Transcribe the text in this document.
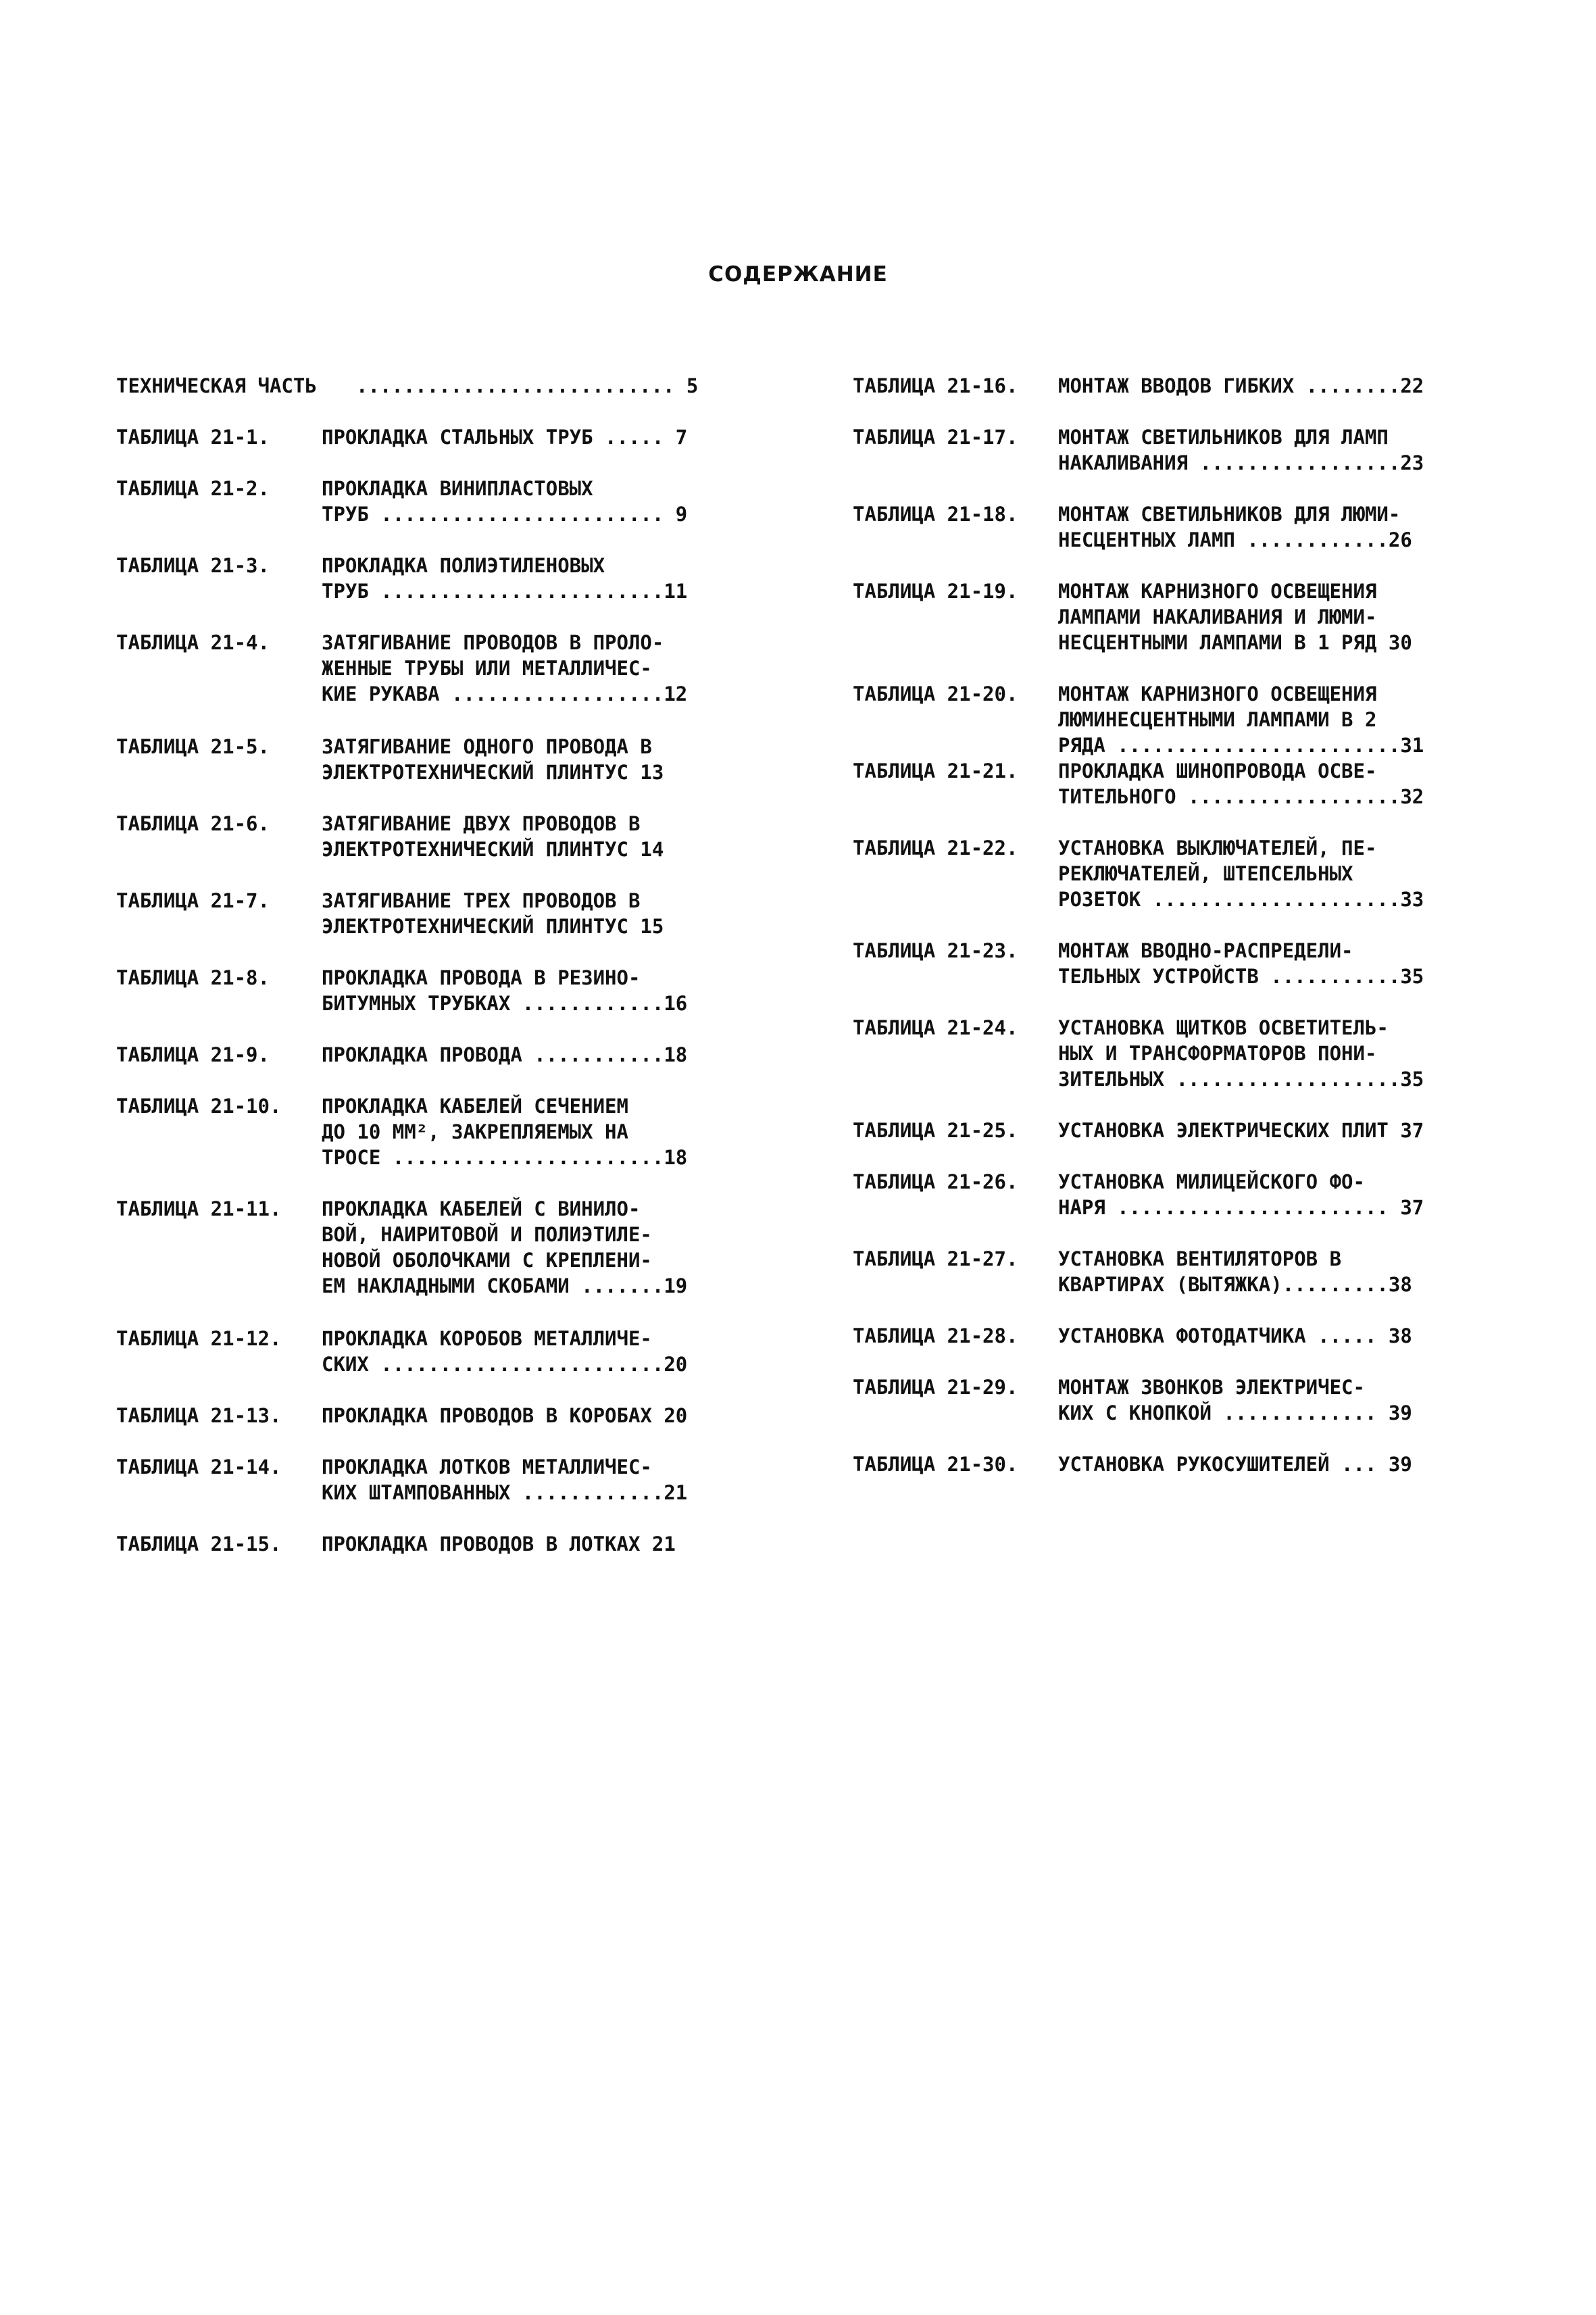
СОДЕРЖАНИЕ
ТЕХНИЧЕСКАЯ ЧАСТЬ ........................... 5
ТАБЛИЦА 21-1.	ПРОКЛАДКА СТАЛЬНЫХ ТРУБ ..... 7
ТАБЛИЦА 21-2.	ПРОКЛАДКА ВИНИПЛАСТОВЫХ
ТРУБ ........................ 9
ТАБЛИЦА 21-3.	ПРОКЛАДКА ПОЛИЭТИЛЕНОВЫХ
ТРУБ ........................11
ТАБЛИЦА 21-4.	ЗАТЯГИВАНИЕ ПРОВОДОВ В ПРОЛО-
ЖЕННЫЕ ТРУБЫ ИЛИ МЕТАЛЛИЧЕС-
КИЕ РУКАВА ..................12
ТАБЛИЦА 21-5.	ЗАТЯГИВАНИЕ ОДНОГО ПРОВОДА В
ЭЛЕКТРОТЕХНИЧЕСКИЙ ПЛИНТУС 13
ТАБЛИЦА 21-6.	ЗАТЯГИВАНИЕ ДВУХ ПРОВОДОВ В
ЭЛЕКТРОТЕХНИЧЕСКИЙ ПЛИНТУС 14
ТАБЛИЦА 21-7.	ЗАТЯГИВАНИЕ ТРЕХ ПРОВОДОВ В
ЭЛЕКТРОТЕХНИЧЕСКИЙ ПЛИНТУС 15
ТАБЛИЦА 21-8.	ПРОКЛАДКА ПРОВОДА В РЕЗИНО-
БИТУМНЫХ ТРУБКАХ ............16
ТАБЛИЦА 21-9.	ПРОКЛАДКА ПРОВОДА ...........18
ТАБЛИЦА 21-10. ПРОКЛАДКА КАБЕЛЕЙ СЕЧЕНИЕМ
ДО 10 ММ², ЗАКРЕПЛЯЕМЫХ НА
ТРОСЕ .......................18
ТАБЛИЦА 21-11. ПРОКЛАДКА КАБЕЛЕЙ С ВИНИЛО-
ВОЙ, НАИРИТОВОЙ И ПОЛИЭТИЛЕ-
НОВОЙ ОБОЛОЧКАМИ С КРЕПЛЕНИ-
ЕМ НАКЛАДНЫМИ СКОБАМИ .......19
ТАБЛИЦА 21-12. ПРОКЛАДКА КОРОБОВ МЕТАЛЛИЧЕ-
СКИХ ........................20
ТАБЛИЦА 21-13. ПРОКЛАДКА ПРОВОДОВ В КОРОБАХ 20
ТАБЛИЦА 21-14. ПРОКЛАДКА ЛОТКОВ МЕТАЛЛИЧЕС-
КИХ ШТАМПОВАННЫХ ............21
ТАБЛИЦА 21-15. ПРОКЛАДКА ПРОВОДОВ В ЛОТКАХ 21
ТАБЛИЦА 21-16. МОНТАЖ ВВОДОВ ГИБКИХ ........22
ТАБЛИЦА 21-17. МОНТАЖ СВЕТИЛЬНИКОВ ДЛЯ ЛАМП
НАКАЛИВАНИЯ .................23
ТАБЛИЦА 21-18. МОНТАЖ СВЕТИЛЬНИКОВ ДЛЯ ЛЮМИ-
НЕСЦЕНТНЫХ ЛАМП ............26
ТАБЛИЦА 21-19. МОНТАЖ КАРНИЗНОГО ОСВЕЩЕНИЯ
ЛАМПАМИ НАКАЛИВАНИЯ И ЛЮМИ-
НЕСЦЕНТНЫМИ ЛАМПАМИ В 1 РЯД 30
ТАБЛИЦА 21-20. МОНТАЖ КАРНИЗНОГО ОСВЕЩЕНИЯ
ЛЮМИНЕСЦЕНТНЫМИ ЛАМПАМИ В 2
РЯДА ........................31
ТАБЛИЦА 21-21. ПРОКЛАДКА ШИНОПРОВОДА ОСВЕ-
ТИТЕЛЬНОГО ..................32
ТАБЛИЦА 21-22. УСТАНОВКА ВЫКЛЮЧАТЕЛЕЙ, ПЕ-
РЕКЛЮЧАТЕЛЕЙ, ШТЕПСЕЛЬНЫХ
РОЗЕТОК .....................33
ТАБЛИЦА 21-23. МОНТАЖ ВВОДНО-РАСПРЕДЕЛИ-
ТЕЛЬНЫХ УСТРОЙСТВ ...........35
ТАБЛИЦА 21-24. УСТАНОВКА ЩИТКОВ ОСВЕТИТЕЛЬ-
НЫХ И ТРАНСФОРМАТОРОВ ПОНИ-
ЗИТЕЛЬНЫХ ...................35
ТАБЛИЦА 21-25. УСТАНОВКА ЭЛЕКТРИЧЕСКИХ ПЛИТ 37
ТАБЛИЦА 21-26. УСТАНОВКА МИЛИЦЕЙСКОГО ФО-
НАРЯ ....................... 37
ТАБЛИЦА 21-27. УСТАНОВКА ВЕНТИЛЯТОРОВ В
КВАРТИРАХ (ВЫТЯЖКА).........38
ТАБЛИЦА 21-28. УСТАНОВКА ФОТОДАТЧИКА ..... 38
ТАБЛИЦА 21-29. МОНТАЖ ЗВОНКОВ ЭЛЕКТРИЧЕС-
КИХ С КНОПКОЙ ............. 39
ТАБЛИЦА 21-30. УСТАНОВКА РУКОСУШИТЕЛЕЙ ... 39
